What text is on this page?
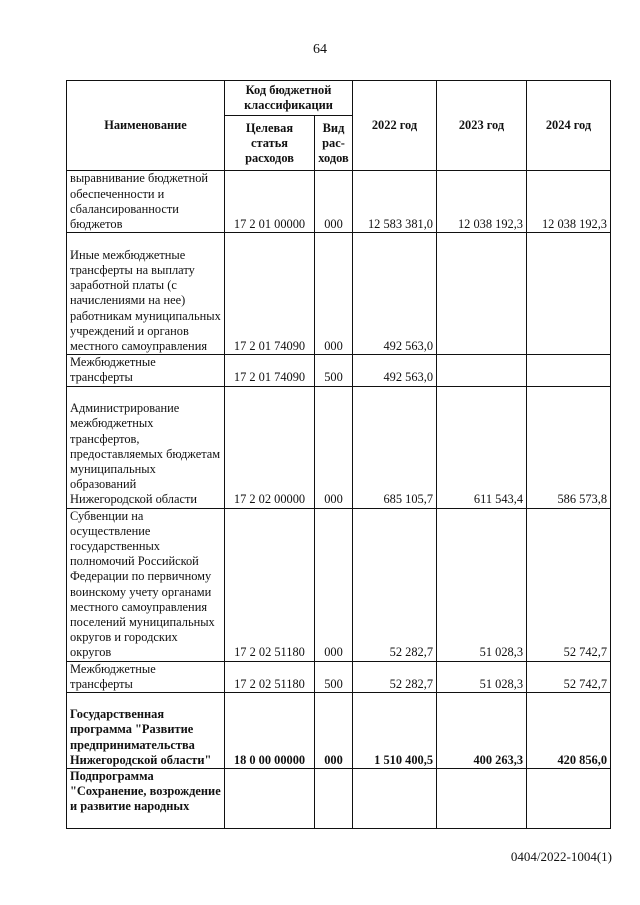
64
Наименование	Код бюджетной классификации		2022 год	2023 год	2024 год
	Целевая статья расходов	Вид рас-ходов			
выравнивание бюджетной обеспеченности и сбалансированности бюджетов	17 2 01 00000	000	12 583 381,0	12 038 192,3	12 038 192,3
Иные межбюджетные трансферты на выплату заработной платы (с начислениями на нее) работникам муниципальных учреждений и органов местного самоуправления	17 2 01 74090	000	492 563,0		
Межбюджетные трансферты	17 2 01 74090	500	492 563,0		
Администрирование межбюджетных трансфертов, предоставляемых бюджетам муниципальных образований Нижегородской области	17 2 02 00000	000	685 105,7	611 543,4	586 573,8
Субвенции на осуществление государственных полномочий Российской Федерации по первичному воинскому учету органами местного самоуправления поселений муниципальных округов и городских округов	17 2 02 51180	000	52 282,7	51 028,3	52 742,7
Межбюджетные трансферты	17 2 02 51180	500	52 282,7	51 028,3	52 742,7
Государственная программа "Развитие предпринимательства Нижегородской области"	18 0 00 00000	000	1 510 400,5	400 263,3	420 856,0
Подпрограмма "Сохранение, возрождение и развитие народных					
0404/2022-1004(1)
